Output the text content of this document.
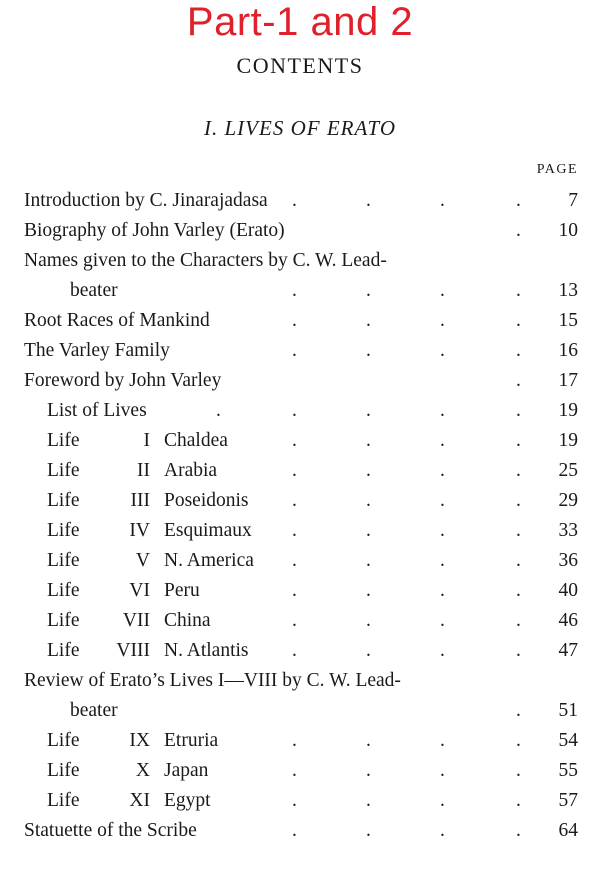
Part-1 and 2
CONTENTS
I. LIVES OF ERATO
PAGE
Introduction by C. Jinarajadasa .	.	.	. 7
Biography of John Varley (Erato)	. 10
Names given to the Characters by C. W. Lead-
beater	.	.	.	. 13
Root Races of Mankind	.	.	.	. 15
The Varley Family	.	.	.	. 16
Foreword by John Varley	. 17
List of Lives	.	.	.	.	. 19
Life	I Chaldea	.	.	.	. 19
Life	II Arabia	.	.	.	. 25
Life	III Poseidonis .	.	.	. 29
Life	IV Esquimaux .	.	.	. 33
Life	V N. America .	.	.	. 36
Life	VI Peru	.	.	.	. 40
Life VII China	.	.	.	. 46
Life VIII N. Atlantis .	.	.	. 47
Review of Erato’s Lives I—VIII by C. W. Lead-
beater	. 51
Life	IX Etruria	.	.	.	. 54
Life	X Japan	.	.	.	. 55
Life	XI Egypt	.	.	.	. 57
Statuette of the Scribe	.	.	.	. 64
